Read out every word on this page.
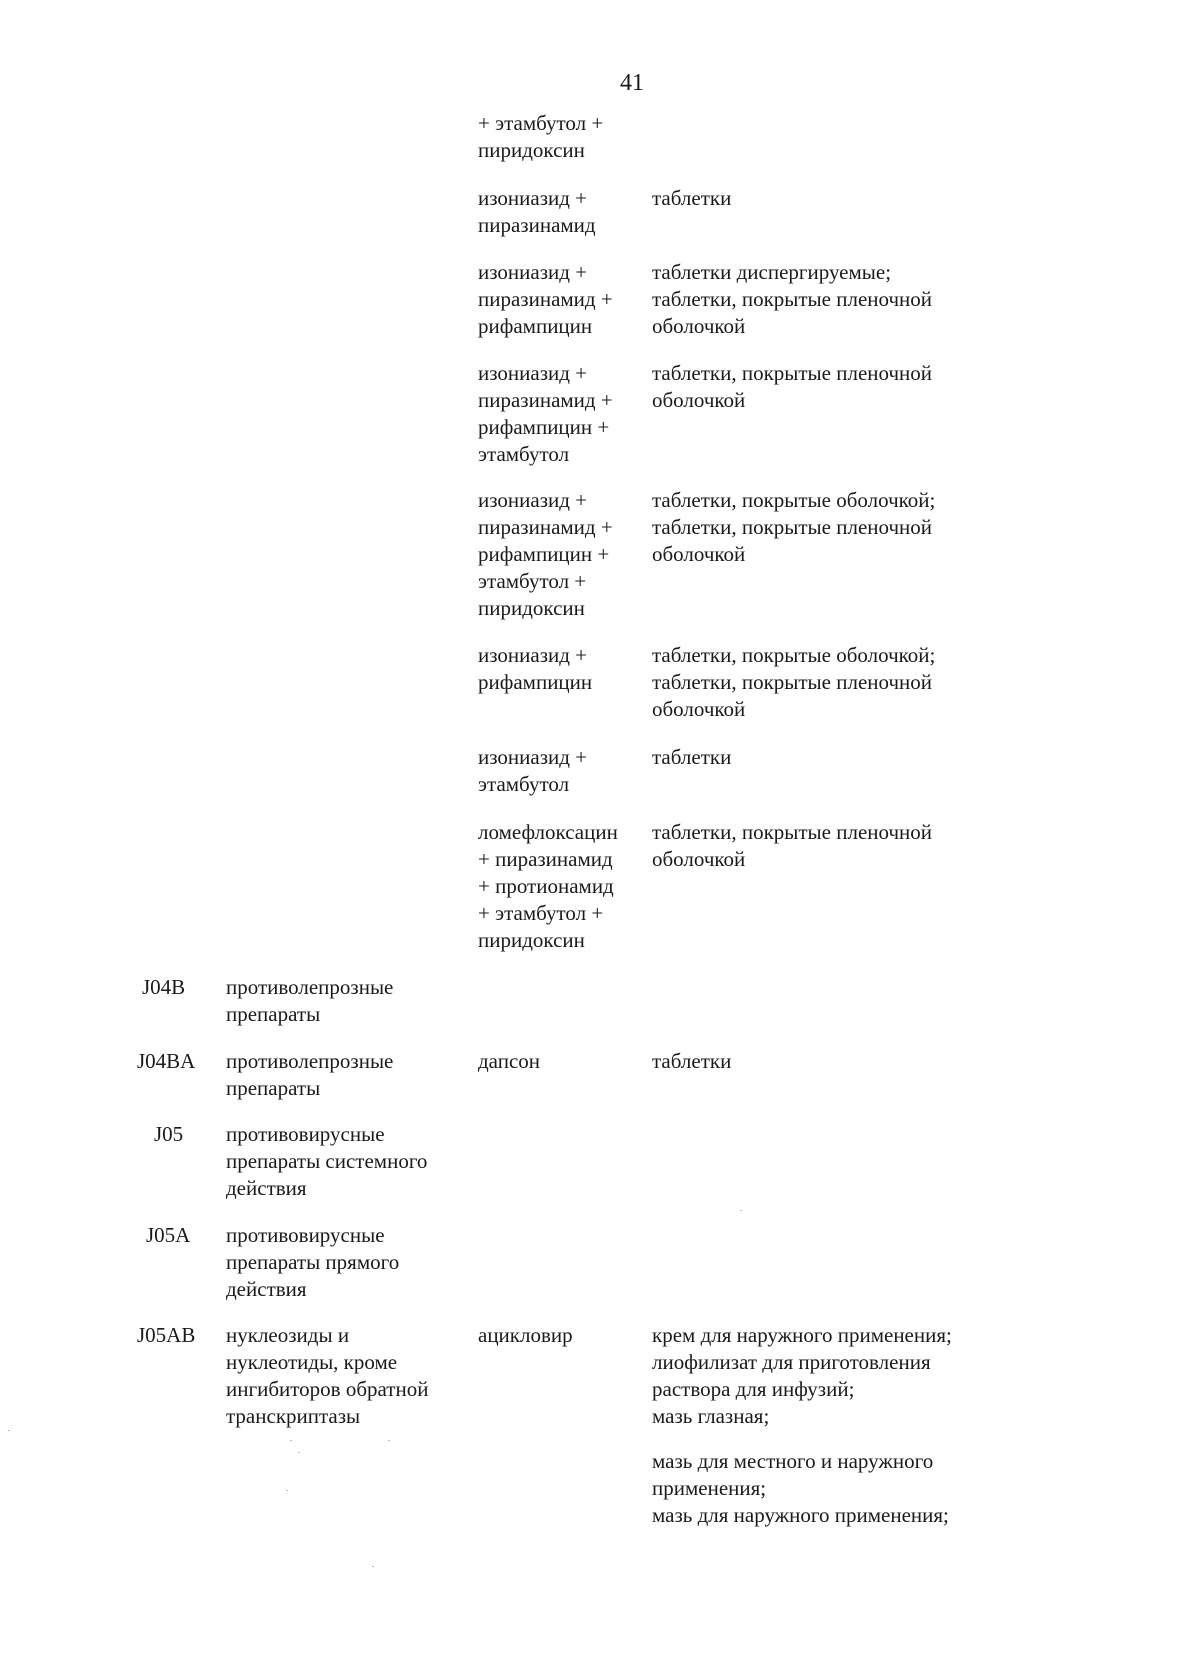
41
+ этамбутол +
пиридоксин
изониазид +
пиразинамид
таблетки
изониазид +
пиразинамид +
рифампицин
таблетки диспергируемые;
таблетки, покрытые пленочной
оболочкой
изониазид +
пиразинамид +
рифампицин +
этамбутол
таблетки, покрытые пленочной
оболочкой
изониазид +
пиразинамид +
рифампицин +
этамбутол +
пиридоксин
таблетки, покрытые оболочкой;
таблетки, покрытые пленочной
оболочкой
изониазид +
рифампицин
таблетки, покрытые оболочкой;
таблетки, покрытые пленочной
оболочкой
изониазид +
этамбутол
таблетки
ломефлоксацин
+ пиразинамид
+ протионамид
+ этамбутол +
пиридоксин
таблетки, покрытые пленочной
оболочкой
J04B противолепрозные
препараты
J04BA противолепрозные
препараты
дапсон	таблетки
J05 противовирусные
препараты системного
действия
J05A противовирусные
препараты прямого
действия
J05AB нуклеозиды и
нуклеотиды, кроме
ингибиторов обратной
транскриптазы
ацикловир	крем для наружного применения;
лиофилизат для приготовления
раствора для инфузий;
мазь глазная;
мазь для местного и наружного
применения;
мазь для наружного применения;
